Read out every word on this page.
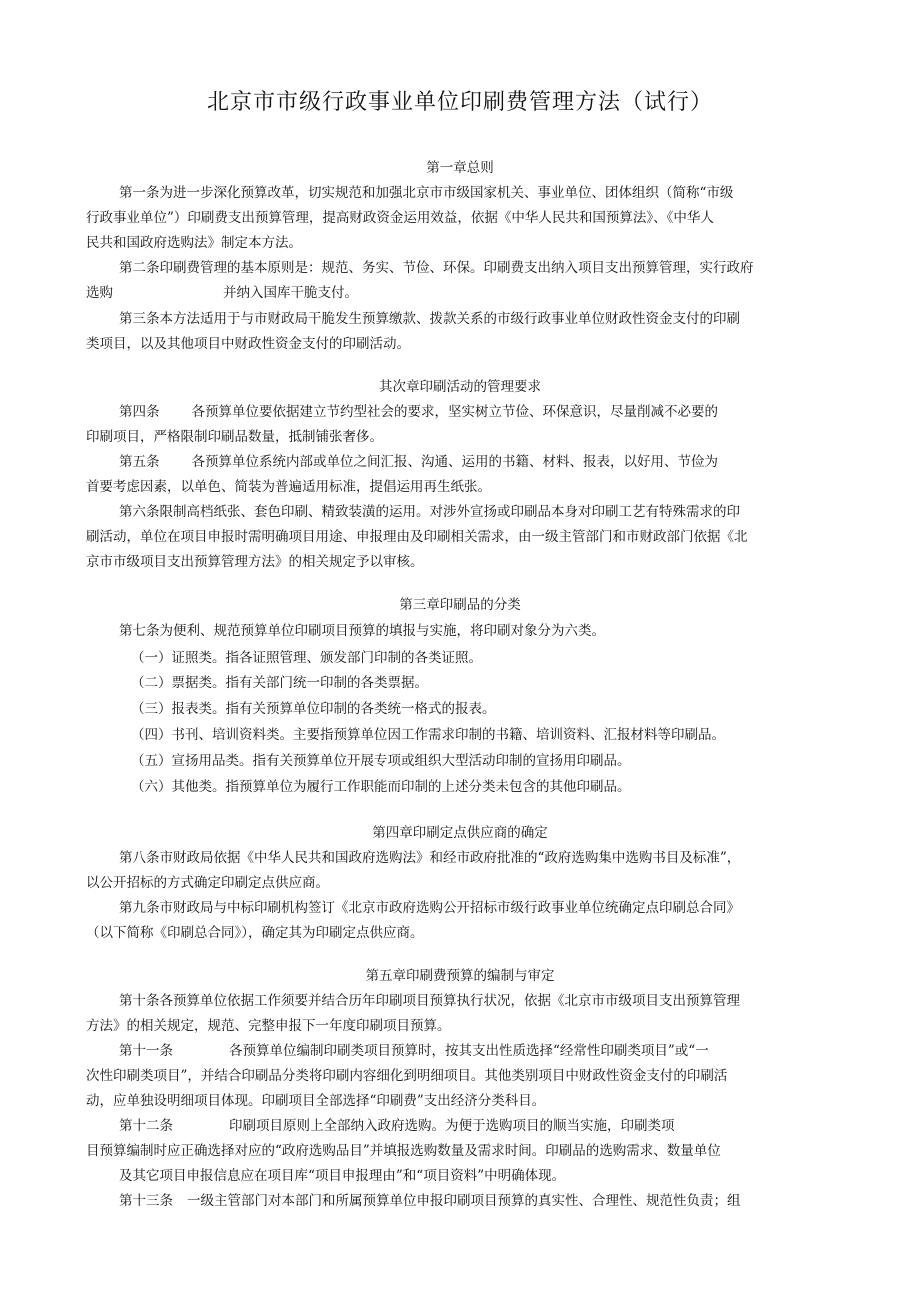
北京市市级行政事业单位印刷费管理方法（试行）
第一章总则
第一条为进一步深化预算改革，切实规范和加强北京市市级国家机关、事业单位、团体组织（简称“市级
行政事业单位”）印刷费支出预算管理，提高财政资金运用效益，依据《中华人民共和国预算法》、《中华人
民共和国政府选购法》制定本方法。
第二条印刷费管理的基本原则是：规范、务实、节俭、环保。印刷费支出纳入项目支出预算管理，实行政府
选购	并纳入国库干脆支付。
第三条本方法适用于与市财政局干脆发生预算缴款、拨款关系的市级行政事业单位财政性资金支付的印刷
类项目，以及其他项目中财政性资金支付的印刷活动。
其次章印刷活动的管理要求
第四条 各预算单位要依据建立节约型社会的要求，坚实树立节俭、环保意识，尽量削减不必要的
印刷项目，严格限制印刷品数量，抵制铺张奢侈。
第五条 各预算单位系统内部或单位之间汇报、沟通、运用的书籍、材料、报表，以好用、节俭为
首要考虑因素，以单色、简装为普遍适用标准，提倡运用再生纸张。
第六条限制高档纸张、套色印刷、精致装潢的运用。对涉外宣扬或印刷品本身对印刷工艺有特殊需求的印
刷活动，单位在项目申报时需明确项目用途、申报理由及印刷相关需求，由一级主管部门和市财政部门依据《北
京市市级项目支出预算管理方法》的相关规定予以审核。
第三章印刷品的分类
第七条为便利、规范预算单位印刷项目预算的填报与实施，将印刷对象分为六类。
（一）证照类。指各证照管理、颁发部门印制的各类证照。
（二）票据类。指有关部门统一印制的各类票据。
（三）报表类。指有关预算单位印制的各类统一格式的报表。
（四）书刊、培训资料类。主要指预算单位因工作需求印制的书籍、培训资料、汇报材料等印刷品。
（五）宣扬用品类。指有关预算单位开展专项或组织大型活动印制的宣扬用印刷品。
（六）其他类。指预算单位为履行工作职能而印制的上述分类未包含的其他印刷品。
第四章印刷定点供应商的确定
第八条市财政局依据《中华人民共和国政府选购法》和经市政府批准的“政府选购集中选购书目及标准”，
以公开招标的方式确定印刷定点供应商。
第九条市财政局与中标印刷机构签订《北京市政府选购公开招标市级行政事业单位统确定点印刷总合同》
（以下简称《印刷总合同》），确定其为印刷定点供应商。
第五章印刷费预算的编制与审定
第十条各预算单位依据工作须要并结合历年印刷项目预算执行状况，依据《北京市市级项目支出预算管理
方法》的相关规定，规范、完整申报下一年度印刷项目预算。
第十一条	各预算单位编制印刷类项目预算时，按其支出性质选择“经常性印刷类项目”或“一
次性印刷类项目”，并结合印刷品分类将印刷内容细化到明细项目。其他类别项目中财政性资金支付的印刷活
动，应单独设明细项目体现。印刷项目全部选择“印刷费”支出经济分类科目。
第十二条	印刷项目原则上全部纳入政府选购。为便于选购项目的顺当实施，印刷类项
目预算编制时应正确选择对应的“政府选购品目”并填报选购数量及需求时间。印刷品的选购需求、数量单位
及其它项目申报信息应在项目库“项目申报理由”和“项目资料”中明确体现。
第十三条 一级主管部门对本部门和所属预算单位申报印刷项目预算的真实性、合理性、规范性负责；组
